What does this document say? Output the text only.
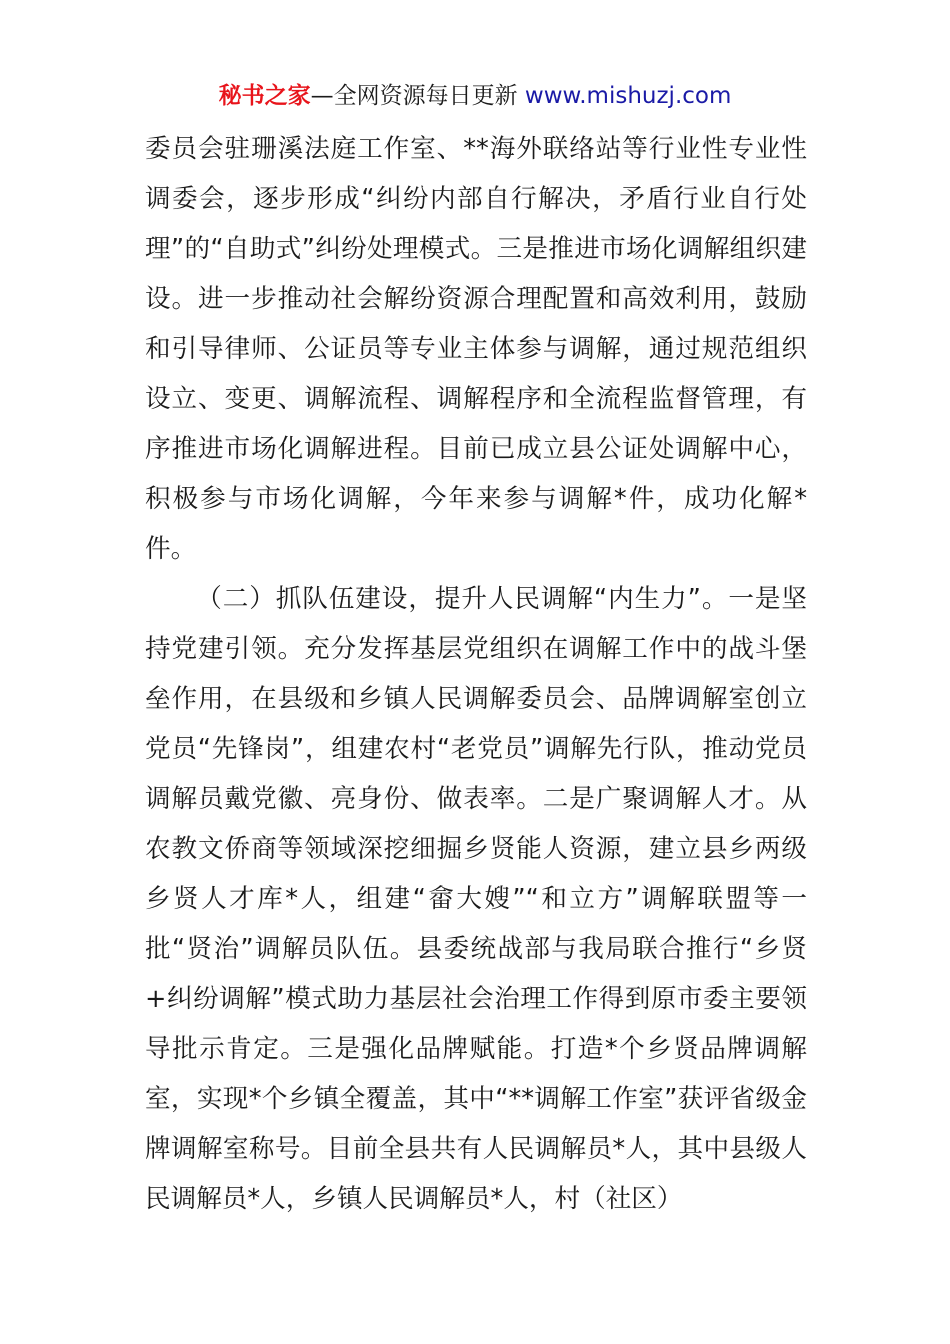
秘书之家—全网资源每日更新 www.mishuzj.com

委员会驻珊溪法庭工作室、**海外联络站等行业性专业性调委会，逐步形成“纠纷内部自行解决，矛盾行业自行处理”的“自助式”纠纷处理模式。三是推进市场化调解组织建设。进一步推动社会解纷资源合理配置和高效利用，鼓励和引导律师、公证员等专业主体参与调解，通过规范组织设立、变更、调解流程、调解程序和全流程监督管理，有序推进市场化调解进程。目前已成立县公证处调解中心，积极参与市场化调解，今年来参与调解*件，成功化解*件。

（二）抓队伍建设，提升人民调解“内生力”。一是坚持党建引领。充分发挥基层党组织在调解工作中的战斗堡垒作用，在县级和乡镇人民调解委员会、品牌调解室创立党员“先锋岗”，组建农村“老党员”调解先行队，推动党员调解员戴党徽、亮身份、做表率。二是广聚调解人才。从农教文侨商等领域深挖细掘乡贤能人资源，建立县乡两级乡贤人才库*人，组建“畲大嫂”“和立方”调解联盟等一批“贤治”调解员队伍。县委统战部与我局联合推行“乡贤+纠纷调解”模式助力基层社会治理工作得到原市委主要领导批示肯定。三是强化品牌赋能。打造*个乡贤品牌调解室，实现*个乡镇全覆盖，其中“**调解工作室”获评省级金牌调解室称号。目前全县共有人民调解员*人，其中县级人民调解员*人，乡镇人民调解员*人，村（社区）
